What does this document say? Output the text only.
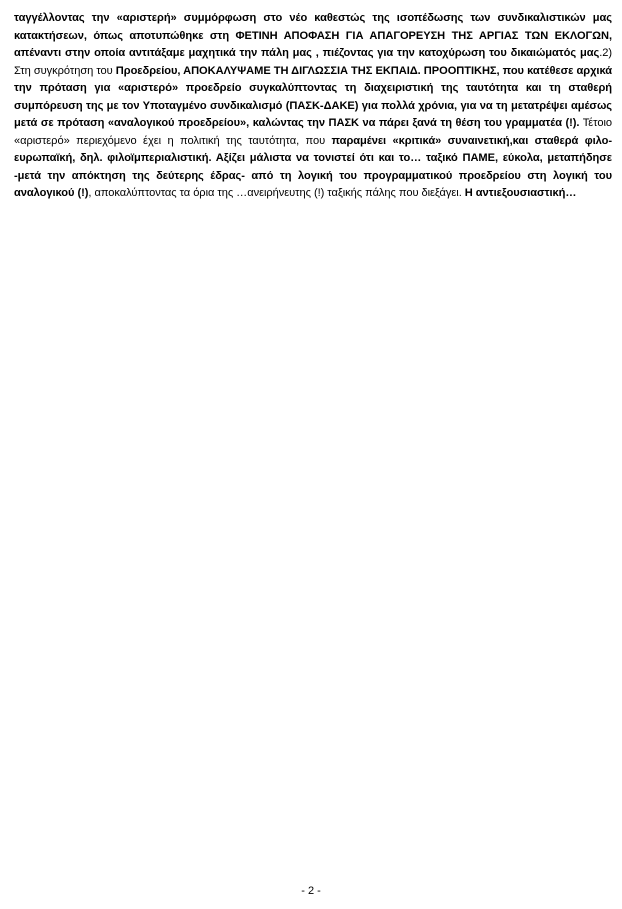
ταγγέλλοντας την «αριστερή» συμμόρφωση στο νέο καθεστώς της ισοπέδωσης των συνδικαλιστικών μας κατακτήσεων, όπως αποτυπώθηκε στη ΦΕΤΙΝΗ ΑΠΟΦΑΣΗ ΓΙΑ ΑΠΑΓΟΡΕΥΣΗ ΤΗΣ ΑΡΓΙΑΣ ΤΩΝ ΕΚΛΟΓΩΝ, απέναντι στην οποία αντιτάξαμε μαχητικά την πάλη μας , πιέζοντας για την κατοχύρωση του δικαιώματός μας.2) Στη συγκρότηση του Προεδρείου, ΑΠΟΚΑΛΥΨΑΜΕ ΤΗ ΔΙΓΛΩΣΣΙΑ ΤΗΣ ΕΚΠΑΙΔ. ΠΡΟΟΠΤΙΚΗΣ, που κατέθεσε αρχικά την πρόταση για «αριστερό» προεδρείο συγκαλύπτοντας τη διαχειριστική της ταυτότητα και τη σταθερή συμπόρευση της με τον Υποταγμένο συνδικαλισμό (ΠΑΣΚ-ΔΑΚΕ) για πολλά χρόνια, για να τη μετατρέψει αμέσως μετά σε πρόταση «αναλογικού προεδρείου», καλώντας την ΠΑΣΚ να πάρει ξανά τη θέση του γραμματέα (!). Τέτοιο «αριστερό» περιεχόμενο έχει η πολιτική της ταυτότητα, που παραμένει «κριτικά» συναινετική,και σταθερά φιλο-ευρωπαϊκή, δηλ. φιλοϊμπεριαλιστική. Αξίζει μάλιστα να τονιστεί ότι και το… ταξικό ΠΑΜΕ, εύκολα, μεταπήδησε -μετά την απόκτηση της δεύτερης έδρας- από τη λογική του προγραμματικού προεδρείου στη λογική του αναλογικού (!), αποκαλύπτοντας τα όρια της …ανειρήνευτης (!) ταξικής πάλης που διεξάγει. Η αντιεξουσιαστική…

- 2 -
